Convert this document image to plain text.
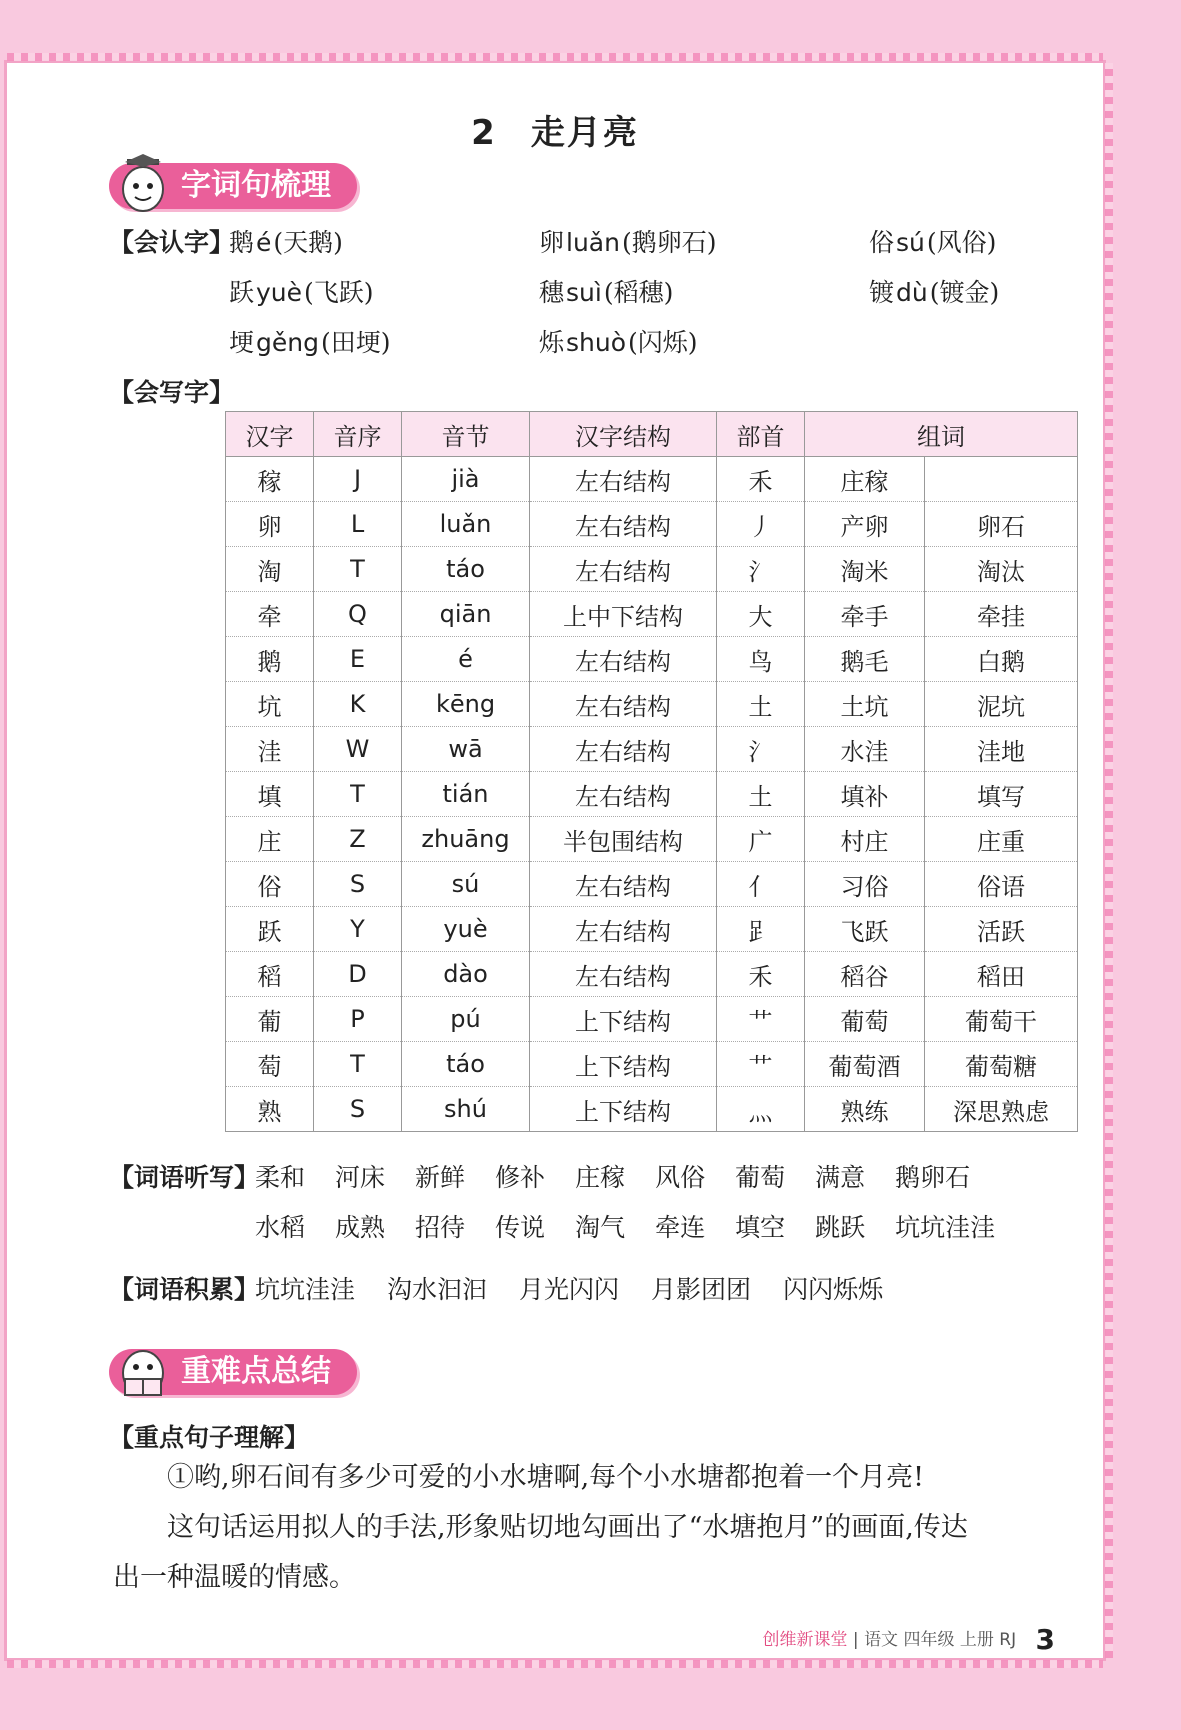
2 走月亮
字词句梳理
【会认字】
鹅é(天鹅)	卵luǎn(鹅卵石)	俗sú(风俗)
跃yuè(飞跃)	穗suì(稻穗)	镀dù(镀金)
埂gěng(田埂)	烁shuò(闪烁)
【会写字】
汉字	音序	音节	汉字结构	部首	组词	
稼	J	jià	左右结构	禾	庄稼	
卵	L	luǎn	左右结构	丿	产卵	卵石
淘	T	táo	左右结构	氵	淘米	淘汰
牵	Q	qiān	上中下结构	大	牵手	牵挂
鹅	E	é	左右结构	鸟	鹅毛	白鹅
坑	K	kēng	左右结构	土	土坑	泥坑
洼	W	wā	左右结构	氵	水洼	洼地
填	T	tián	左右结构	土	填补	填写
庄	Z	zhuāng	半包围结构	广	村庄	庄重
俗	S	sú	左右结构	亻	习俗	俗语
跃	Y	yuè	左右结构	𧾷	飞跃	活跃
稻	D	dào	左右结构	禾	稻谷	稻田
葡	P	pú	上下结构	艹	葡萄	葡萄干
萄	T	táo	上下结构	艹	葡萄酒	葡萄糖
熟	S	shú	上下结构	灬	熟练	深思熟虑
【词语听写】
柔和 河床 新鲜 修补 庄稼 风俗 葡萄 满意 鹅卵石
水稻 成熟 招待 传说 淘气 牵连 填空 跳跃 坑坑洼洼
【词语积累】
坑坑洼洼 沟水汩汩 月光闪闪 月影团团 闪闪烁烁
重难点总结
【重点句子理解】
①哟,卵石间有多少可爱的小水塘啊,每个小水塘都抱着一个月亮!
这句话运用拟人的手法,形象贴切地勾画出了“水塘抱月”的画面,传达出一种温暖的情感。
创维新课堂 | 语文 四年级 上册 RJ 3
